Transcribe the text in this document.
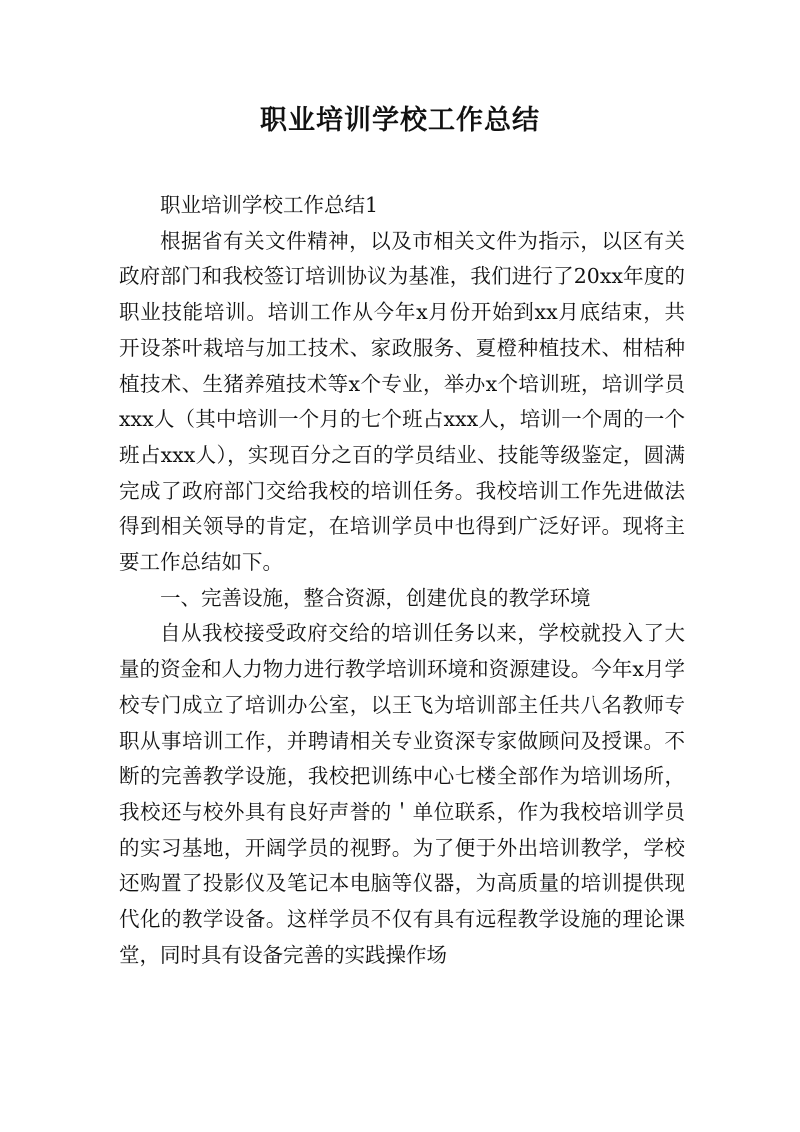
职业培训学校工作总结

职业培训学校工作总结1

根据省有关文件精神，以及市相关文件为指示，以区有关政府部门和我校签订培训协议为基准，我们进行了20xx年度的职业技能培训。培训工作从今年x月份开始到xx月底结束，共开设茶叶栽培与加工技术、家政服务、夏橙种植技术、柑桔种植技术、生猪养殖技术等x个专业，举办x个培训班，培训学员xxx人（其中培训一个月的七个班占xxx人，培训一个周的一个班占xxx人），实现百分之百的学员结业、技能等级鉴定，圆满完成了政府部门交给我校的培训任务。我校培训工作先进做法得到相关领导的肯定，在培训学员中也得到广泛好评。现将主要工作总结如下。

一、完善设施，整合资源，创建优良的教学环境

自从我校接受政府交给的培训任务以来，学校就投入了大量的资金和人力物力进行教学培训环境和资源建设。今年x月学校专门成立了培训办公室，以王飞为培训部主任共八名教师专职从事培训工作，并聘请相关专业资深专家做顾问及授课。不断的完善教学设施，我校把训练中心七楼全部作为培训场所，我校还与校外具有良好声誉的＇单位联系，作为我校培训学员的实习基地，开阔学员的视野。为了便于外出培训教学，学校还购置了投影仪及笔记本电脑等仪器，为高质量的培训提供现代化的教学设备。这样学员不仅有具有远程教学设施的理论课堂，同时具有设备完善的实践操作场
